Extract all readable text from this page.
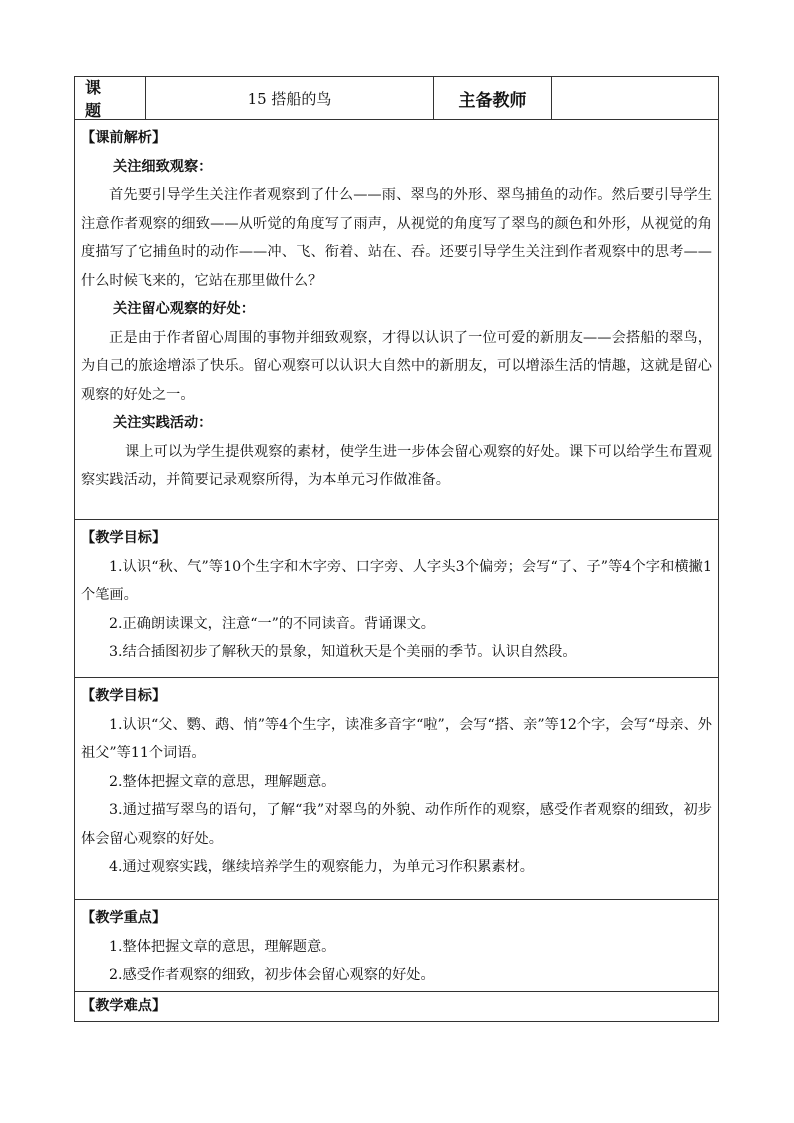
课　题
15 搭船的鸟	主备教师
【课前解析】
关注细致观察：
首先要引导学生关注作者观察到了什么——雨、翠鸟的外形、翠鸟捕鱼的动作。然后要引导学生注意作者观察的细致——从听觉的角度写了雨声，从视觉的角度写了翠鸟的颜色和外形，从视觉的角度描写了它捕鱼时的动作——冲、飞、衔着、站在、吞。还要引导学生关注到作者观察中的思考——什么时候飞来的，它站在那里做什么？
关注留心观察的好处：
正是由于作者留心周围的事物并细致观察，才得以认识了一位可爱的新朋友——会搭船的翠鸟，为自己的旅途增添了快乐。留心观察可以认识大自然中的新朋友，可以增添生活的情趣，这就是留心观察的好处之一。
关注实践活动：
课上可以为学生提供观察的素材，使学生进一步体会留心观察的好处。课下可以给学生布置观察实践活动，并简要记录观察所得，为本单元习作做准备。
【教学目标】
1.认识“秋、气”等10个生字和木字旁、口字旁、人字头3个偏旁；会写“了、子”等4个字和横撇1个笔画。
2.正确朗读课文，注意“一”的不同读音。背诵课文。
3.结合插图初步了解秋天的景象，知道秋天是个美丽的季节。认识自然段。
【教学目标】
1.认识“父、鹦、鹉、悄”等4个生字，读准多音字“啦”，会写“搭、亲”等12个字，会写“母亲、外祖父”等11个词语。
2.整体把握文章的意思，理解题意。
3.通过描写翠鸟的语句，了解“我”对翠鸟的外貌、动作所作的观察，感受作者观察的细致，初步体会留心观察的好处。
4.通过观察实践，继续培养学生的观察能力，为单元习作积累素材。
【教学重点】
1.整体把握文章的意思，理解题意。
2.感受作者观察的细致，初步体会留心观察的好处。
【教学难点】
